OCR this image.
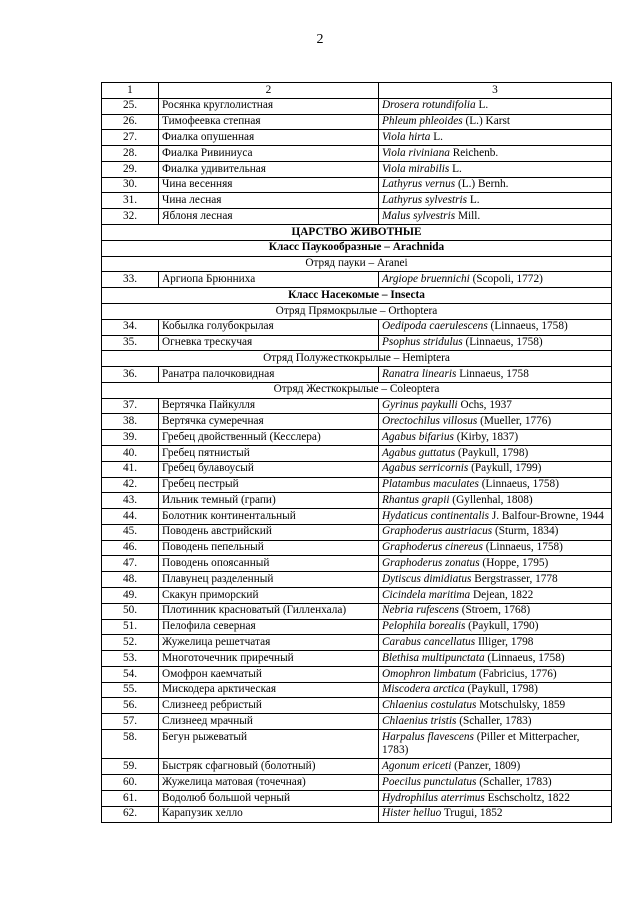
2
1	2	3
25.	Росянка круглолистная	Drosera rotundifolia L.
26.	Тимофеевка степная	Phleum phleoides (L.) Karst
27.	Фиалка опушенная	Viola hirta L.
28.	Фиалка Ривиниуса	Viola riviniana Reichenb.
29.	Фиалка удивительная	Viola mirabilis L.
30.	Чина весенняя	Lathyrus vernus (L.) Bernh.
31.	Чина лесная	Lathyrus sylvestris L.
32.	Яблоня лесная	Malus sylvestris Mill.
ЦАРСТВО ЖИВОТНЫЕ		
Класс Паукообразные – Arachnida		
Отряд пауки – Aranei		
33.	Аргиопа Брюнниха	Argiope bruennichi (Scopoli, 1772)
Класс Насекомые – Insecta		
Отряд Прямокрылые – Orthoptera		
34.	Кобылка голубокрылая	Oedipoda caerulescens (Linnaeus, 1758)
35.	Огневка трескучая	Psophus stridulus (Linnaeus, 1758)
Отряд Полужесткокрылые – Hemiptera		
36.	Ранатра палочковидная	Ranatra linearis Linnaeus, 1758
Отряд Жесткокрылые – Coleoptera		
37.	Вертячка Пайкулля	Gyrinus paykulli Ochs, 1937
38.	Вертячка сумеречная	Orectochilus villosus (Mueller, 1776)
39.	Гребец двойственный (Кесслера)	Agabus bifarius (Kirby, 1837)
40.	Гребец пятнистый	Agabus guttatus (Paykull, 1798)
41.	Гребец булавоусый	Agabus serricornis (Paykull, 1799)
42.	Гребец пестрый	Platambus maculates (Linnaeus, 1758)
43.	Ильник темный (грапи)	Rhantus grapii (Gyllenhal, 1808)
44.	Болотник континентальный	Hydaticus continentalis J. Balfour-Browne, 1944
45.	Поводень австрийский	Graphoderus austriacus (Sturm, 1834)
46.	Поводень пепельный	Graphoderus cinereus (Linnaeus, 1758)
47.	Поводень опоясанный	Graphoderus zonatus (Hoppe, 1795)
48.	Плавунец разделенный	Dytiscus dimidiatus Bergstrasser, 1778
49.	Скакун приморский	Cicindela maritima Dejean, 1822
50.	Плотинник красноватый (Гилленхала)	Nebria rufescens (Stroem, 1768)
51.	Пелофила северная	Pelophila borealis (Paykull, 1790)
52.	Жужелица решетчатая	Carabus cancellatus Illiger, 1798
53.	Многоточечник приречный	Blethisa multipunctata (Linnaeus, 1758)
54.	Омофрон каемчатый	Omophron limbatum (Fabricius, 1776)
55.	Мискодера арктическая	Miscodera arctica (Paykull, 1798)
56.	Слизнеед ребристый	Chlaenius costulatus Motschulsky, 1859
57.	Слизнеед мрачный	Chlaenius tristis (Schaller, 1783)
58.	Бегун рыжеватый	Harpalus flavescens (Piller et Mitterpacher, 1783)
59.	Быстряк сфагновый (болотный)	Agonum ericeti (Panzer, 1809)
60.	Жужелица матовая (точечная)	Poecilus punctulatus (Schaller, 1783)
61.	Водолюб большой черный	Hydrophilus aterrimus Eschscholtz, 1822
62.	Карапузик хелло	Hister helluo Trugui, 1852
